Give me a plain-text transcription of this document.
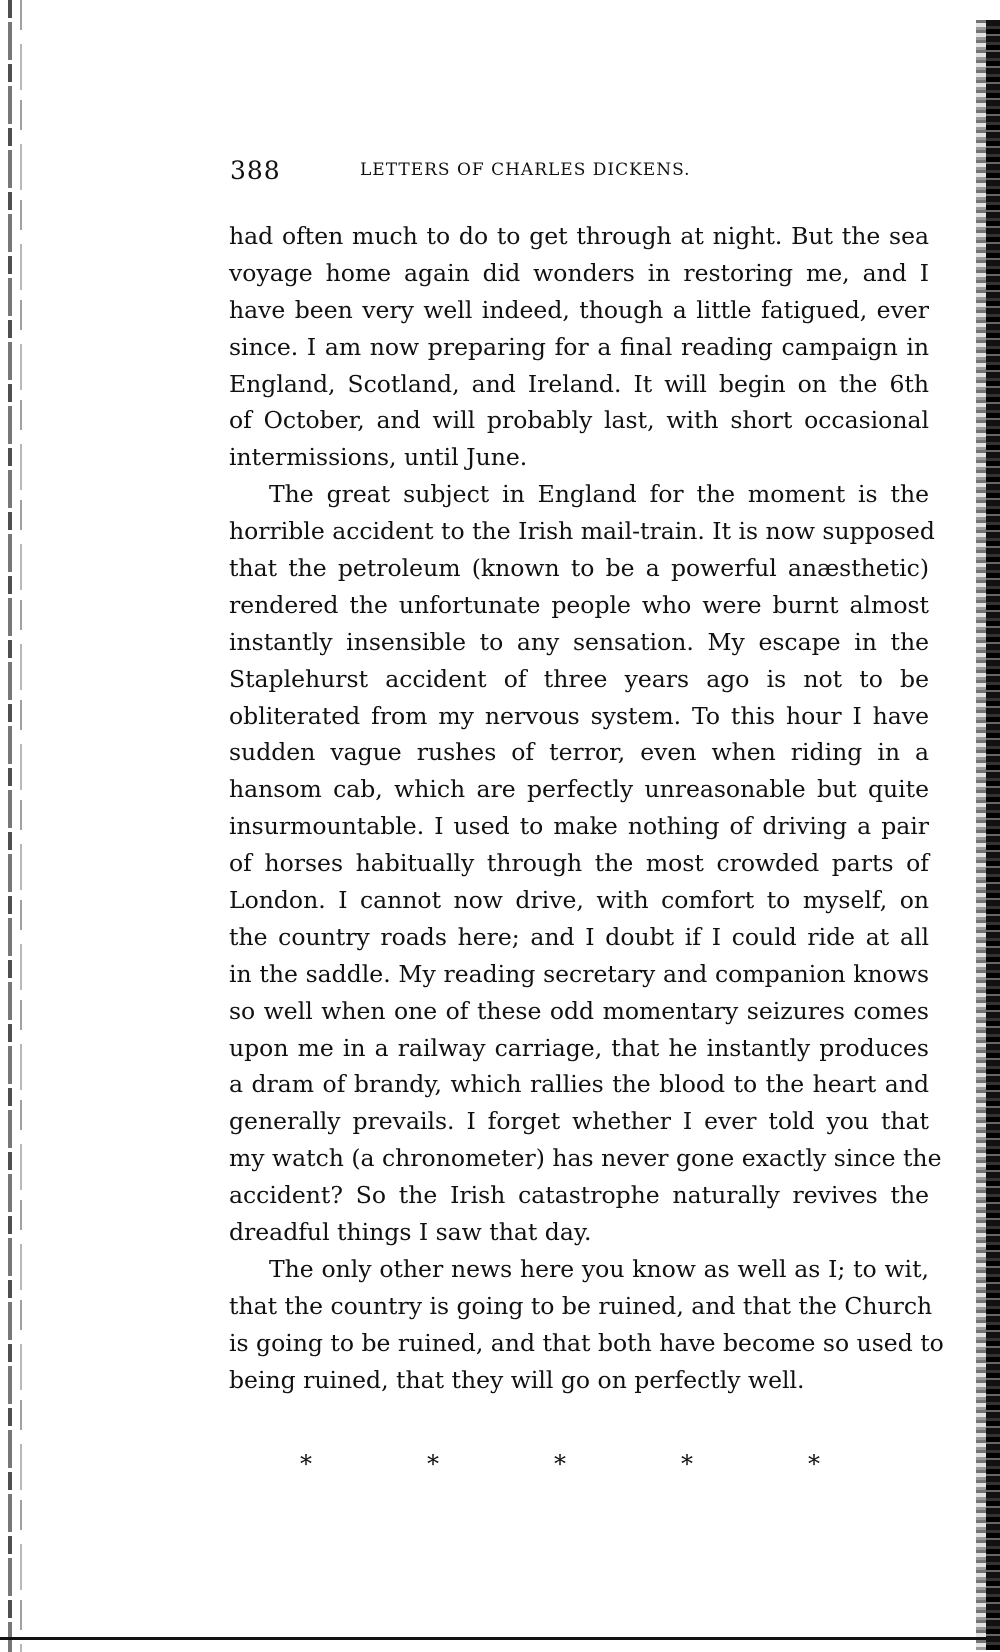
388	LETTERS OF CHARLES DICKENS.
had often much to do to get through at night. But the sea
voyage home again did wonders in restoring me, and I
have been very well indeed, though a little fatigued, ever
since. I am now preparing for a final reading campaign in
England, Scotland, and Ireland. It will begin on the 6th
of October, and will probably last, with short occasional
intermissions, until June.
The great subject in England for the moment is the
horrible accident to the Irish mail-train. It is now supposed
that the petroleum (known to be a powerful anæsthetic)
rendered the unfortunate people who were burnt almost
instantly insensible to any sensation. My escape in the
Staplehurst accident of three years ago is not to be
obliterated from my nervous system. To this hour I have
sudden vague rushes of terror, even when riding in a
hansom cab, which are perfectly unreasonable but quite
insurmountable. I used to make nothing of driving a pair
of horses habitually through the most crowded parts of
London. I cannot now drive, with comfort to myself, on
the country roads here; and I doubt if I could ride at all
in the saddle. My reading secretary and companion knows
so well when one of these odd momentary seizures comes
upon me in a railway carriage, that he instantly produces
a dram of brandy, which rallies the blood to the heart and
generally prevails. I forget whether I ever told you that
my watch (a chronometer) has never gone exactly since the
accident? So the Irish catastrophe naturally revives the
dreadful things I saw that day.
The only other news here you know as well as I; to wit,
that the country is going to be ruined, and that the Church
is going to be ruined, and that both have become so used to
being ruined, that they will go on perfectly well.
*	*	*	*	*
